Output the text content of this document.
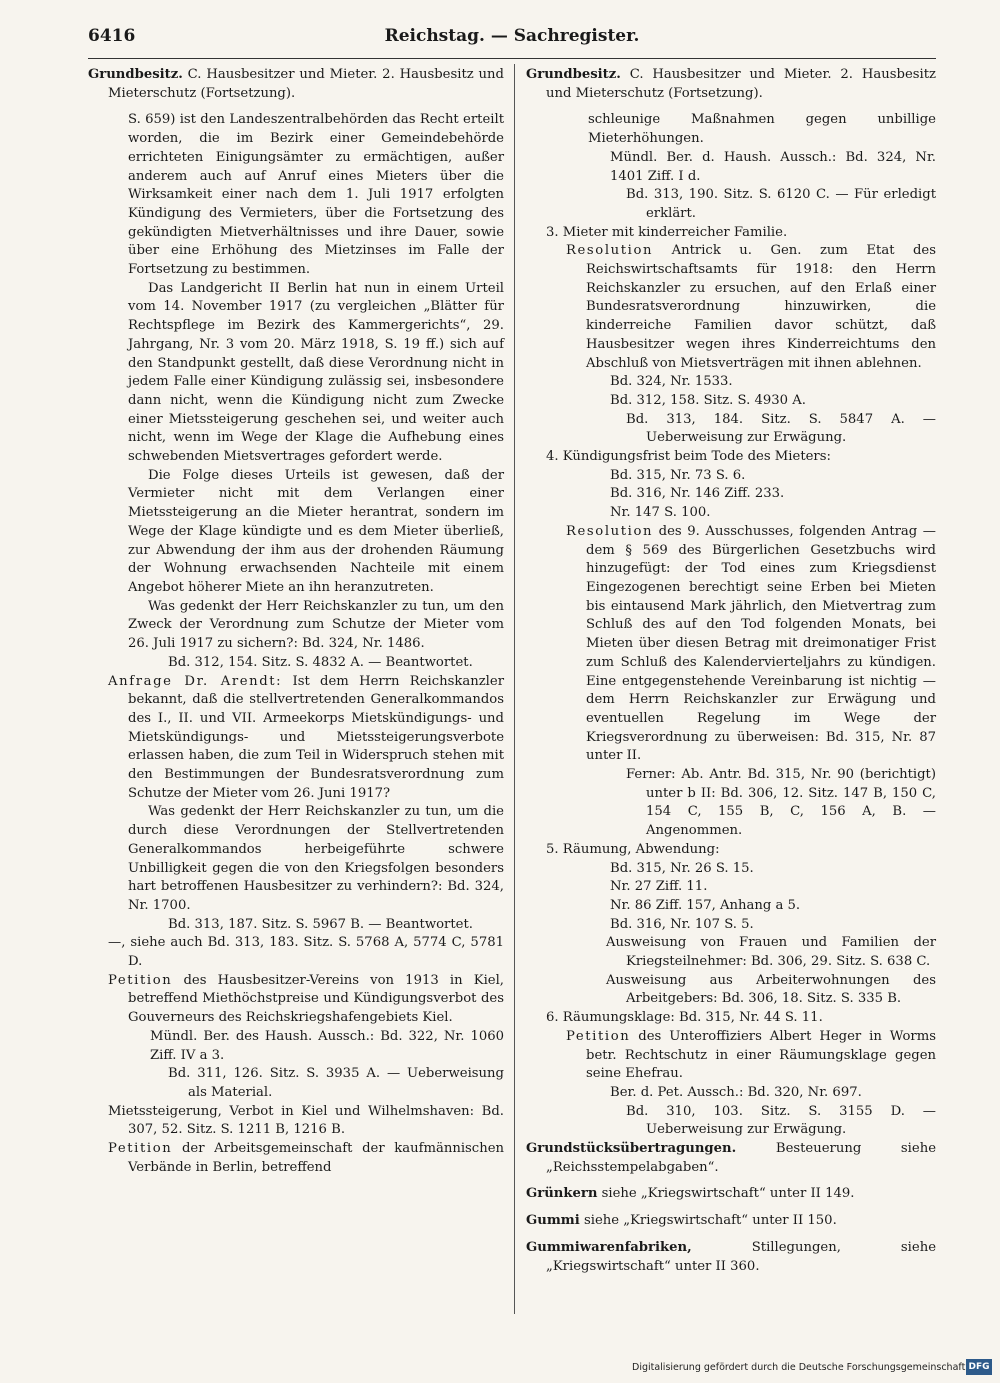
6416	Reichstag. — Sachregister.

Grundbesitz. C. Hausbesitzer und Mieter. 2. Hausbesitz und Mieterschutz (Fortsetzung).

S. 659) ist den Landeszentralbehörden das Recht erteilt worden, die im Bezirk einer Gemeindebehörde errichteten Einigungsämter zu ermächtigen, außer anderem auch auf Anruf eines Mieters über die Wirksamkeit einer nach dem 1. Juli 1917 erfolgten Kündigung des Vermieters, über die Fortsetzung des gekündigten Mietverhältnisses und ihre Dauer, sowie über eine Erhöhung des Mietzinses im Falle der Fortsetzung zu bestimmen.

Das Landgericht II Berlin hat nun in einem Urteil vom 14. November 1917 (zu vergleichen „Blätter für Rechtspflege im Bezirk des Kammergerichts“, 29. Jahrgang, Nr. 3 vom 20. März 1918, S. 19 ff.) sich auf den Standpunkt gestellt, daß diese Verordnung nicht in jedem Falle einer Kündigung zulässig sei, insbesondere dann nicht, wenn die Kündigung nicht zum Zwecke einer Mietssteigerung geschehen sei, und weiter auch nicht, wenn im Wege der Klage die Aufhebung eines schwebenden Mietsvertrages gefordert werde.

Die Folge dieses Urteils ist gewesen, daß der Vermieter nicht mit dem Verlangen einer Mietssteigerung an die Mieter herantrat, sondern im Wege der Klage kündigte und es dem Mieter überließ, zur Abwendung der ihm aus der drohenden Räumung der Wohnung erwachsenden Nachteile mit einem Angebot höherer Miete an ihn heranzutreten.

Was gedenkt der Herr Reichskanzler zu tun, um den Zweck der Verordnung zum Schutze der Mieter vom 26. Juli 1917 zu sichern?: Bd. 324, Nr. 1486.

Bd. 312, 154. Sitz. S. 4832 A. — Beantwortet.

Anfrage Dr. Arendt: Ist dem Herrn Reichskanzler bekannt, daß die stellvertretenden Generalkommandos des I., II. und VII. Armeekorps Mietskündigungs- und Mietskündigungs- und Mietssteigerungsverbote erlassen haben, die zum Teil in Widerspruch stehen mit den Bestimmungen der Bundesratsverordnung zum Schutze der Mieter vom 26. Juni 1917?

Was gedenkt der Herr Reichskanzler zu tun, um die durch diese Verordnungen der Stellvertretenden Generalkommandos herbeigeführte schwere Unbilligkeit gegen die von den Kriegsfolgen besonders hart betroffenen Hausbesitzer zu verhindern?: Bd. 324, Nr. 1700.

Bd. 313, 187. Sitz. S. 5967 B. — Beantwortet.

—, siehe auch Bd. 313, 183. Sitz. S. 5768 A, 5774 C, 5781 D.

Petition des Hausbesitzer-Vereins von 1913 in Kiel, betreffend Miethöchstpreise und Kündigungsverbot des Gouverneurs des Reichskriegshafengebiets Kiel.

Mündl. Ber. des Haush. Aussch.: Bd. 322, Nr. 1060 Ziff. IV a 3.

Bd. 311, 126. Sitz. S. 3935 A. — Ueberweisung als Material.

Mietssteigerung, Verbot in Kiel und Wilhelmshaven: Bd. 307, 52. Sitz. S. 1211 B, 1216 B.

Petition der Arbeitsgemeinschaft der kaufmännischen Verbände in Berlin, betreffend

Grundbesitz. C. Hausbesitzer und Mieter. 2. Hausbesitz und Mieterschutz (Fortsetzung).

schleunige Maßnahmen gegen unbillige Mieterhöhungen.

Mündl. Ber. d. Haush. Aussch.: Bd. 324, Nr. 1401 Ziff. I d.

Bd. 313, 190. Sitz. S. 6120 C. — Für erledigt erklärt.

3. Mieter mit kinderreicher Familie.

Resolution Antrick u. Gen. zum Etat des Reichswirtschaftsamts für 1918: den Herrn Reichskanzler zu ersuchen, auf den Erlaß einer Bundesratsverordnung hinzuwirken, die kinderreiche Familien davor schützt, daß Hausbesitzer wegen ihres Kinderreichtums den Abschluß von Mietsverträgen mit ihnen ablehnen.

Bd. 324, Nr. 1533.

Bd. 312, 158. Sitz. S. 4930 A.

Bd. 313, 184. Sitz. S. 5847 A. — Ueberweisung zur Erwägung.

4. Kündigungsfrist beim Tode des Mieters:

Bd. 315, Nr. 73 S. 6.

Bd. 316, Nr. 146 Ziff. 233.

Nr. 147 S. 100.

Resolution des 9. Ausschusses, folgenden Antrag — dem § 569 des Bürgerlichen Gesetzbuchs wird hinzugefügt: der Tod eines zum Kriegsdienst Eingezogenen berechtigt seine Erben bei Mieten bis eintausend Mark jährlich, den Mietvertrag zum Schluß des auf den Tod folgenden Monats, bei Mieten über diesen Betrag mit dreimonatiger Frist zum Schluß des Kalendervierteljahrs zu kündigen. Eine entgegenstehende Vereinbarung ist nichtig — dem Herrn Reichskanzler zur Erwägung und eventuellen Regelung im Wege der Kriegsverordnung zu überweisen: Bd. 315, Nr. 87 unter II.

Ferner: Ab. Antr. Bd. 315, Nr. 90 (berichtigt) unter b II: Bd. 306, 12. Sitz. 147 B, 150 C, 154 C, 155 B, C, 156 A, B. — Angenommen.

5. Räumung, Abwendung:

Bd. 315, Nr. 26 S. 15.

Nr. 27 Ziff. 11.

Nr. 86 Ziff. 157, Anhang a 5.

Bd. 316, Nr. 107 S. 5.

Ausweisung von Frauen und Familien der Kriegsteilnehmer: Bd. 306, 29. Sitz. S. 638 C.

Ausweisung aus Arbeiterwohnungen des Arbeitgebers: Bd. 306, 18. Sitz. S. 335 B.

6. Räumungsklage: Bd. 315, Nr. 44 S. 11.

Petition des Unteroffiziers Albert Heger in Worms betr. Rechtschutz in einer Räumungsklage gegen seine Ehefrau.

Ber. d. Pet. Aussch.: Bd. 320, Nr. 697.

Bd. 310, 103. Sitz. S. 3155 D. — Ueberweisung zur Erwägung.

Grundstücksübertragungen. Besteuerung siehe „Reichsstempelabgaben“.

Grünkern siehe „Kriegswirtschaft“ unter II 149.

Gummi siehe „Kriegswirtschaft“ unter II 150.

Gummiwarenfabriken, Stillegungen, siehe „Kriegswirtschaft“ unter II 360.

Digitalisierung gefördert durch die Deutsche Forschungsgemeinschaft DFG
